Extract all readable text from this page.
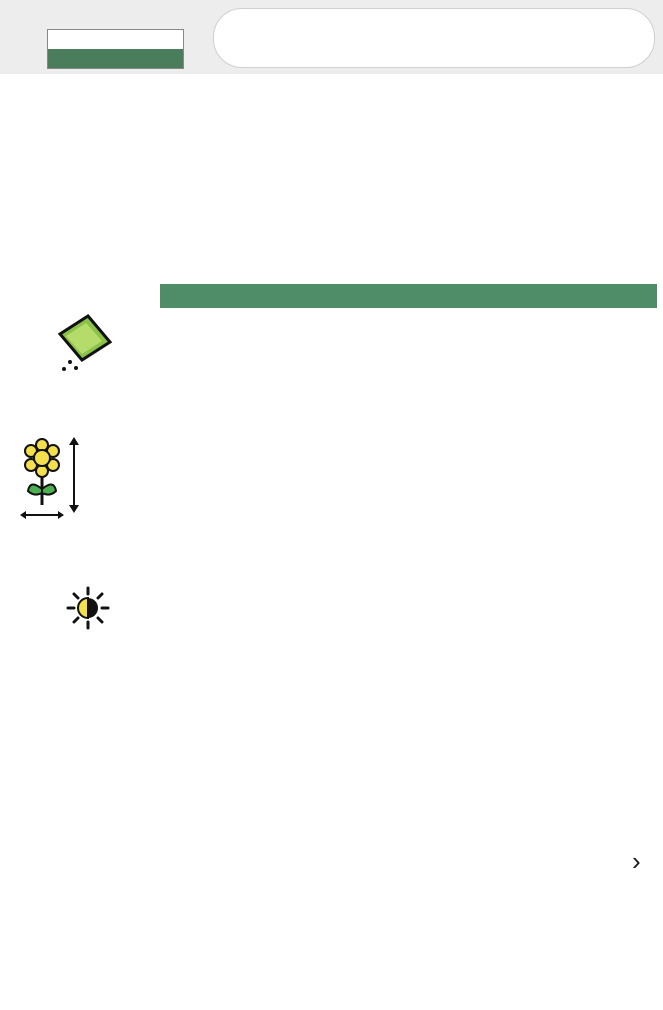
›
